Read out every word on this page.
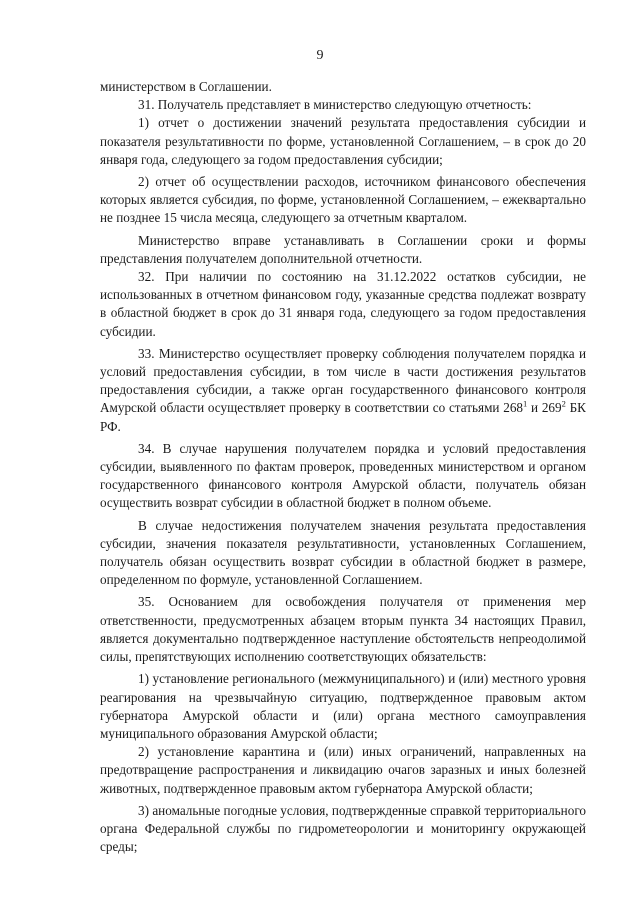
9

министерством в Соглашении.

31. Получатель представляет в министерство следующую отчетность:

1) отчет о достижении значений результата предоставления субсидии и показателя результативности по форме, установленной Соглашением, – в срок до 20 января года, следующего за годом предоставления субсидии;

2) отчет об осуществлении расходов, источником финансового обеспечения которых является субсидия, по форме, установленной Соглашением, – ежеквартально не позднее 15 числа месяца, следующего за отчетным кварталом.

Министерство вправе устанавливать в Соглашении сроки и формы представления получателем дополнительной отчетности.

32. При наличии по состоянию на 31.12.2022 остатков субсидии, не использованных в отчетном финансовом году, указанные средства подлежат возврату в областной бюджет в срок до 31 января года, следующего за годом предоставления субсидии.

33. Министерство осуществляет проверку соблюдения получателем порядка и условий предоставления субсидии, в том числе в части достижения результатов предоставления субсидии, а также орган государственного финансового контроля Амурской области осуществляет проверку в соответствии со статьями $268^1$ и $269^2$ БК РФ.

34. В случае нарушения получателем порядка и условий предоставления субсидии, выявленного по фактам проверок, проведенных министерством и органом государственного финансового контроля Амурской области, получатель обязан осуществить возврат субсидии в областной бюджет в полном объеме.

В случае недостижения получателем значения результата предоставления субсидии, значения показателя результативности, установленных Соглашением, получатель обязан осуществить возврат субсидии в областной бюджет в размере, определенном по формуле, установленной Соглашением.

35. Основанием для освобождения получателя от применения мер ответственности, предусмотренных абзацем вторым пункта 34 настоящих Правил, является документально подтвержденное наступление обстоятельств непреодолимой силы, препятствующих исполнению соответствующих обязательств:

1) установление регионального (межмуниципального) и (или) местного уровня реагирования на чрезвычайную ситуацию, подтвержденное правовым актом губернатора Амурской области и (или) органа местного самоуправления муниципального образования Амурской области;

2) установление карантина и (или) иных ограничений, направленных на предотвращение распространения и ликвидацию очагов заразных и иных болезней животных, подтвержденное правовым актом губернатора Амурской области;

3) аномальные погодные условия, подтвержденные справкой территориального органа Федеральной службы по гидрометеорологии и мониторингу окружающей среды;
